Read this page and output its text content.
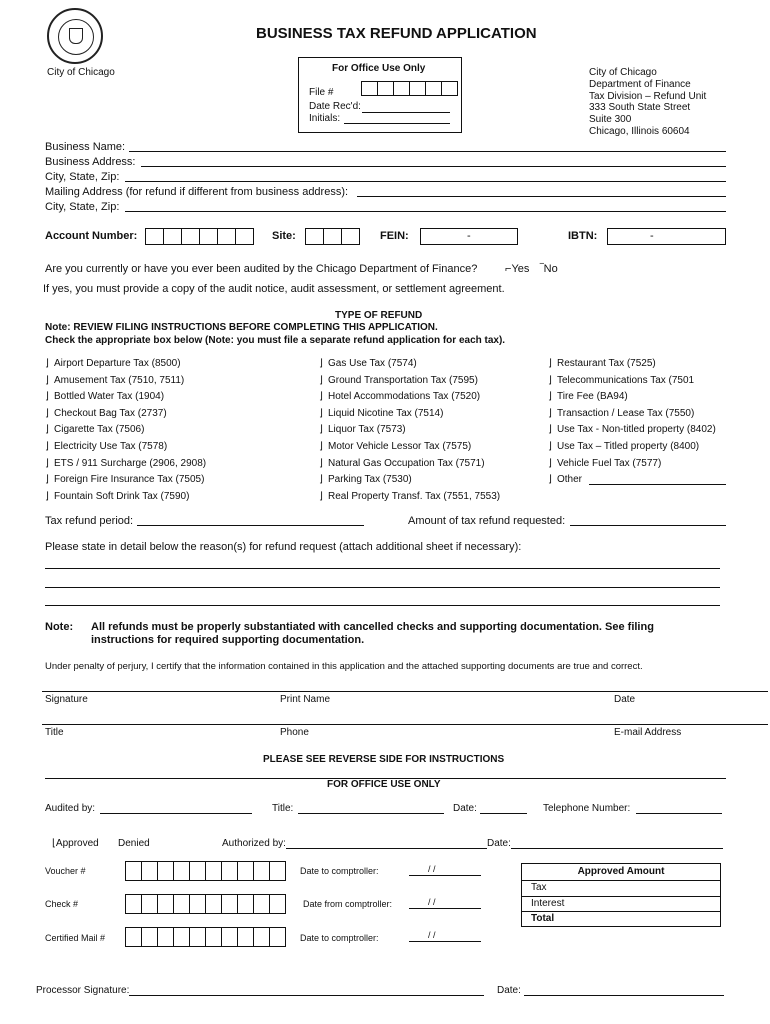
BUSINESS TAX REFUND APPLICATION
City of Chicago	For Office Use Only
File #
Date Rec'd:
Initials:
City of Chicago
Department of Finance
Tax Division – Refund Unit
333 South State Street
Suite 300
Chicago, Illinois 60604
Business Name:
Business Address:
City, State, Zip:
Mailing Address (for refund if different from business address):
City, State, Zip:
Account Number:	Site:	FEIN:	-	IBTN:	-
Are you currently or have you ever been audited by the Chicago Department of Finance?	⌐Yes ‾No
If yes, you must provide a copy of the audit notice, audit assessment, or settlement agreement.
TYPE OF REFUND
Note: REVIEW FILING INSTRUCTIONS BEFORE COMPLETING THIS APPLICATION.
Check the appropriate box below (Note: you must file a separate refund application for each tax).
⌋ Airport Departure Tax (8500)
⌋ Amusement Tax (7510, 7511)
⌋ Bottled Water Tax (1904)
⌋ Checkout Bag Tax (2737)
⌋ Cigarette Tax (7506)
⌋ Electricity Use Tax (7578)
⌋ ETS / 911 Surcharge (2906, 2908)
⌋ Foreign Fire Insurance Tax (7505)
⌋ Fountain Soft Drink Tax (7590)
⌋ Gas Use Tax (7574)
⌋ Ground Transportation Tax (7595)
⌋ Hotel Accommodations Tax (7520)
⌋ Liquid Nicotine Tax (7514)
⌋ Liquor Tax (7573)
⌋ Motor Vehicle Lessor Tax (7575)
⌋ Natural Gas Occupation Tax (7571)
⌋ Parking Tax (7530)
⌋ Real Property Transf. Tax (7551, 7553)
⌋ Restaurant Tax (7525)
⌋ Telecommunications Tax (7501
⌋ Tire Fee (BA94)
⌋ Transaction / Lease Tax (7550)
⌋ Use Tax - Non-titled property (8402)
⌋ Use Tax – Titled property (8400)
⌋ Vehicle Fuel Tax (7577)
⌋ Other
Tax refund period:	Amount of tax refund requested:
Please state in detail below the reason(s) for refund request (attach additional sheet if necessary):
Note: All refunds must be properly substantiated with cancelled checks and supporting documentation. See filing
instructions for required supporting documentation.
Under penalty of perjury, I certify that the information contained in this application and the attached supporting documents are true and correct.
Signature	Print Name	Date
Title	Phone	E-mail Address
PLEASE SEE REVERSE SIDE FOR INSTRUCTIONS
FOR OFFICE USE ONLY
Audited by:	Title:	Date:	Telephone Number:
⌊Approved Denied	Authorized by:	Date:
Voucher #	Date to comptroller:	/ /
Check #	Date from comptroller:	/ /
Certified Mail #	Date to comptroller:	/ /
Approved Amount
Tax
Interest
Total
Processor Signature:	Date:
